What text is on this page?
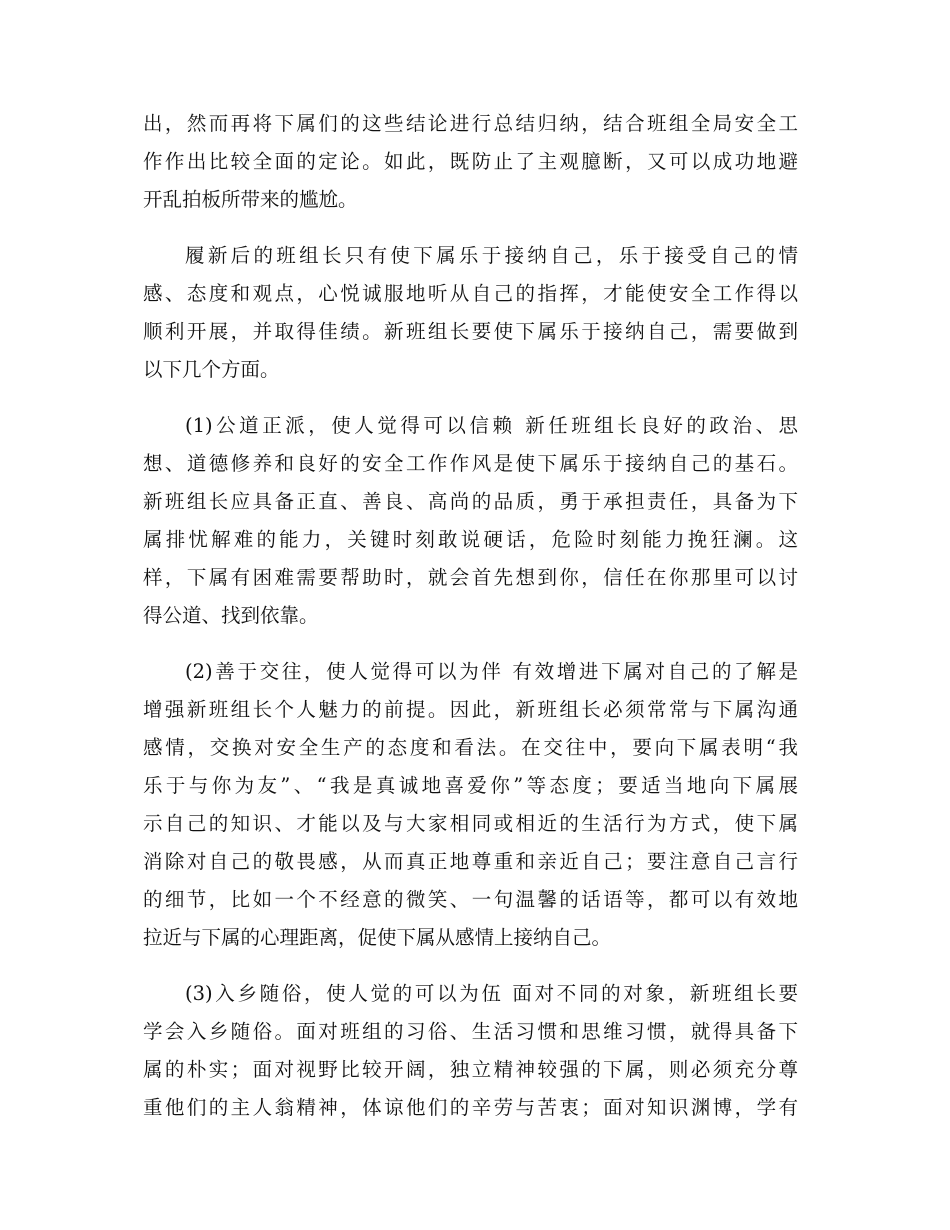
出，然而再将下属们的这些结论进行总结归纳，结合班组全局安全工
作作出比较全面的定论。如此，既防止了主观臆断，又可以成功地避
开乱拍板所带来的尴尬。
履新后的班组长只有使下属乐于接纳自己，乐于接受自己的情
感、态度和观点，心悦诚服地听从自己的指挥，才能使安全工作得以
顺利开展，并取得佳绩。新班组长要使下属乐于接纳自己，需要做到
以下几个方面。
(1)公道正派，使人觉得可以信赖 新任班组长良好的政治、思
想、道德修养和良好的安全工作作风是使下属乐于接纳自己的基石。
新班组长应具备正直、善良、高尚的品质，勇于承担责任，具备为下
属排忧解难的能力，关键时刻敢说硬话，危险时刻能力挽狂澜。这
样，下属有困难需要帮助时，就会首先想到你，信任在你那里可以讨
得公道、找到依靠。
(2)善于交往，使人觉得可以为伴 有效增进下属对自己的了解是
增强新班组长个人魅力的前提。因此，新班组长必须常常与下属沟通
感情，交换对安全生产的态度和看法。在交往中，要向下属表明“我
乐于与你为友”、“我是真诚地喜爱你”等态度；要适当地向下属展
示自己的知识、才能以及与大家相同或相近的生活行为方式，使下属
消除对自己的敬畏感，从而真正地尊重和亲近自己；要注意自己言行
的细节，比如一个不经意的微笑、一句温馨的话语等，都可以有效地
拉近与下属的心理距离，促使下属从感情上接纳自己。
(3)入乡随俗，使人觉的可以为伍 面对不同的对象，新班组长要
学会入乡随俗。面对班组的习俗、生活习惯和思维习惯，就得具备下
属的朴实；面对视野比较开阔，独立精神较强的下属，则必须充分尊
重他们的主人翁精神，体谅他们的辛劳与苦衷；面对知识渊博，学有
